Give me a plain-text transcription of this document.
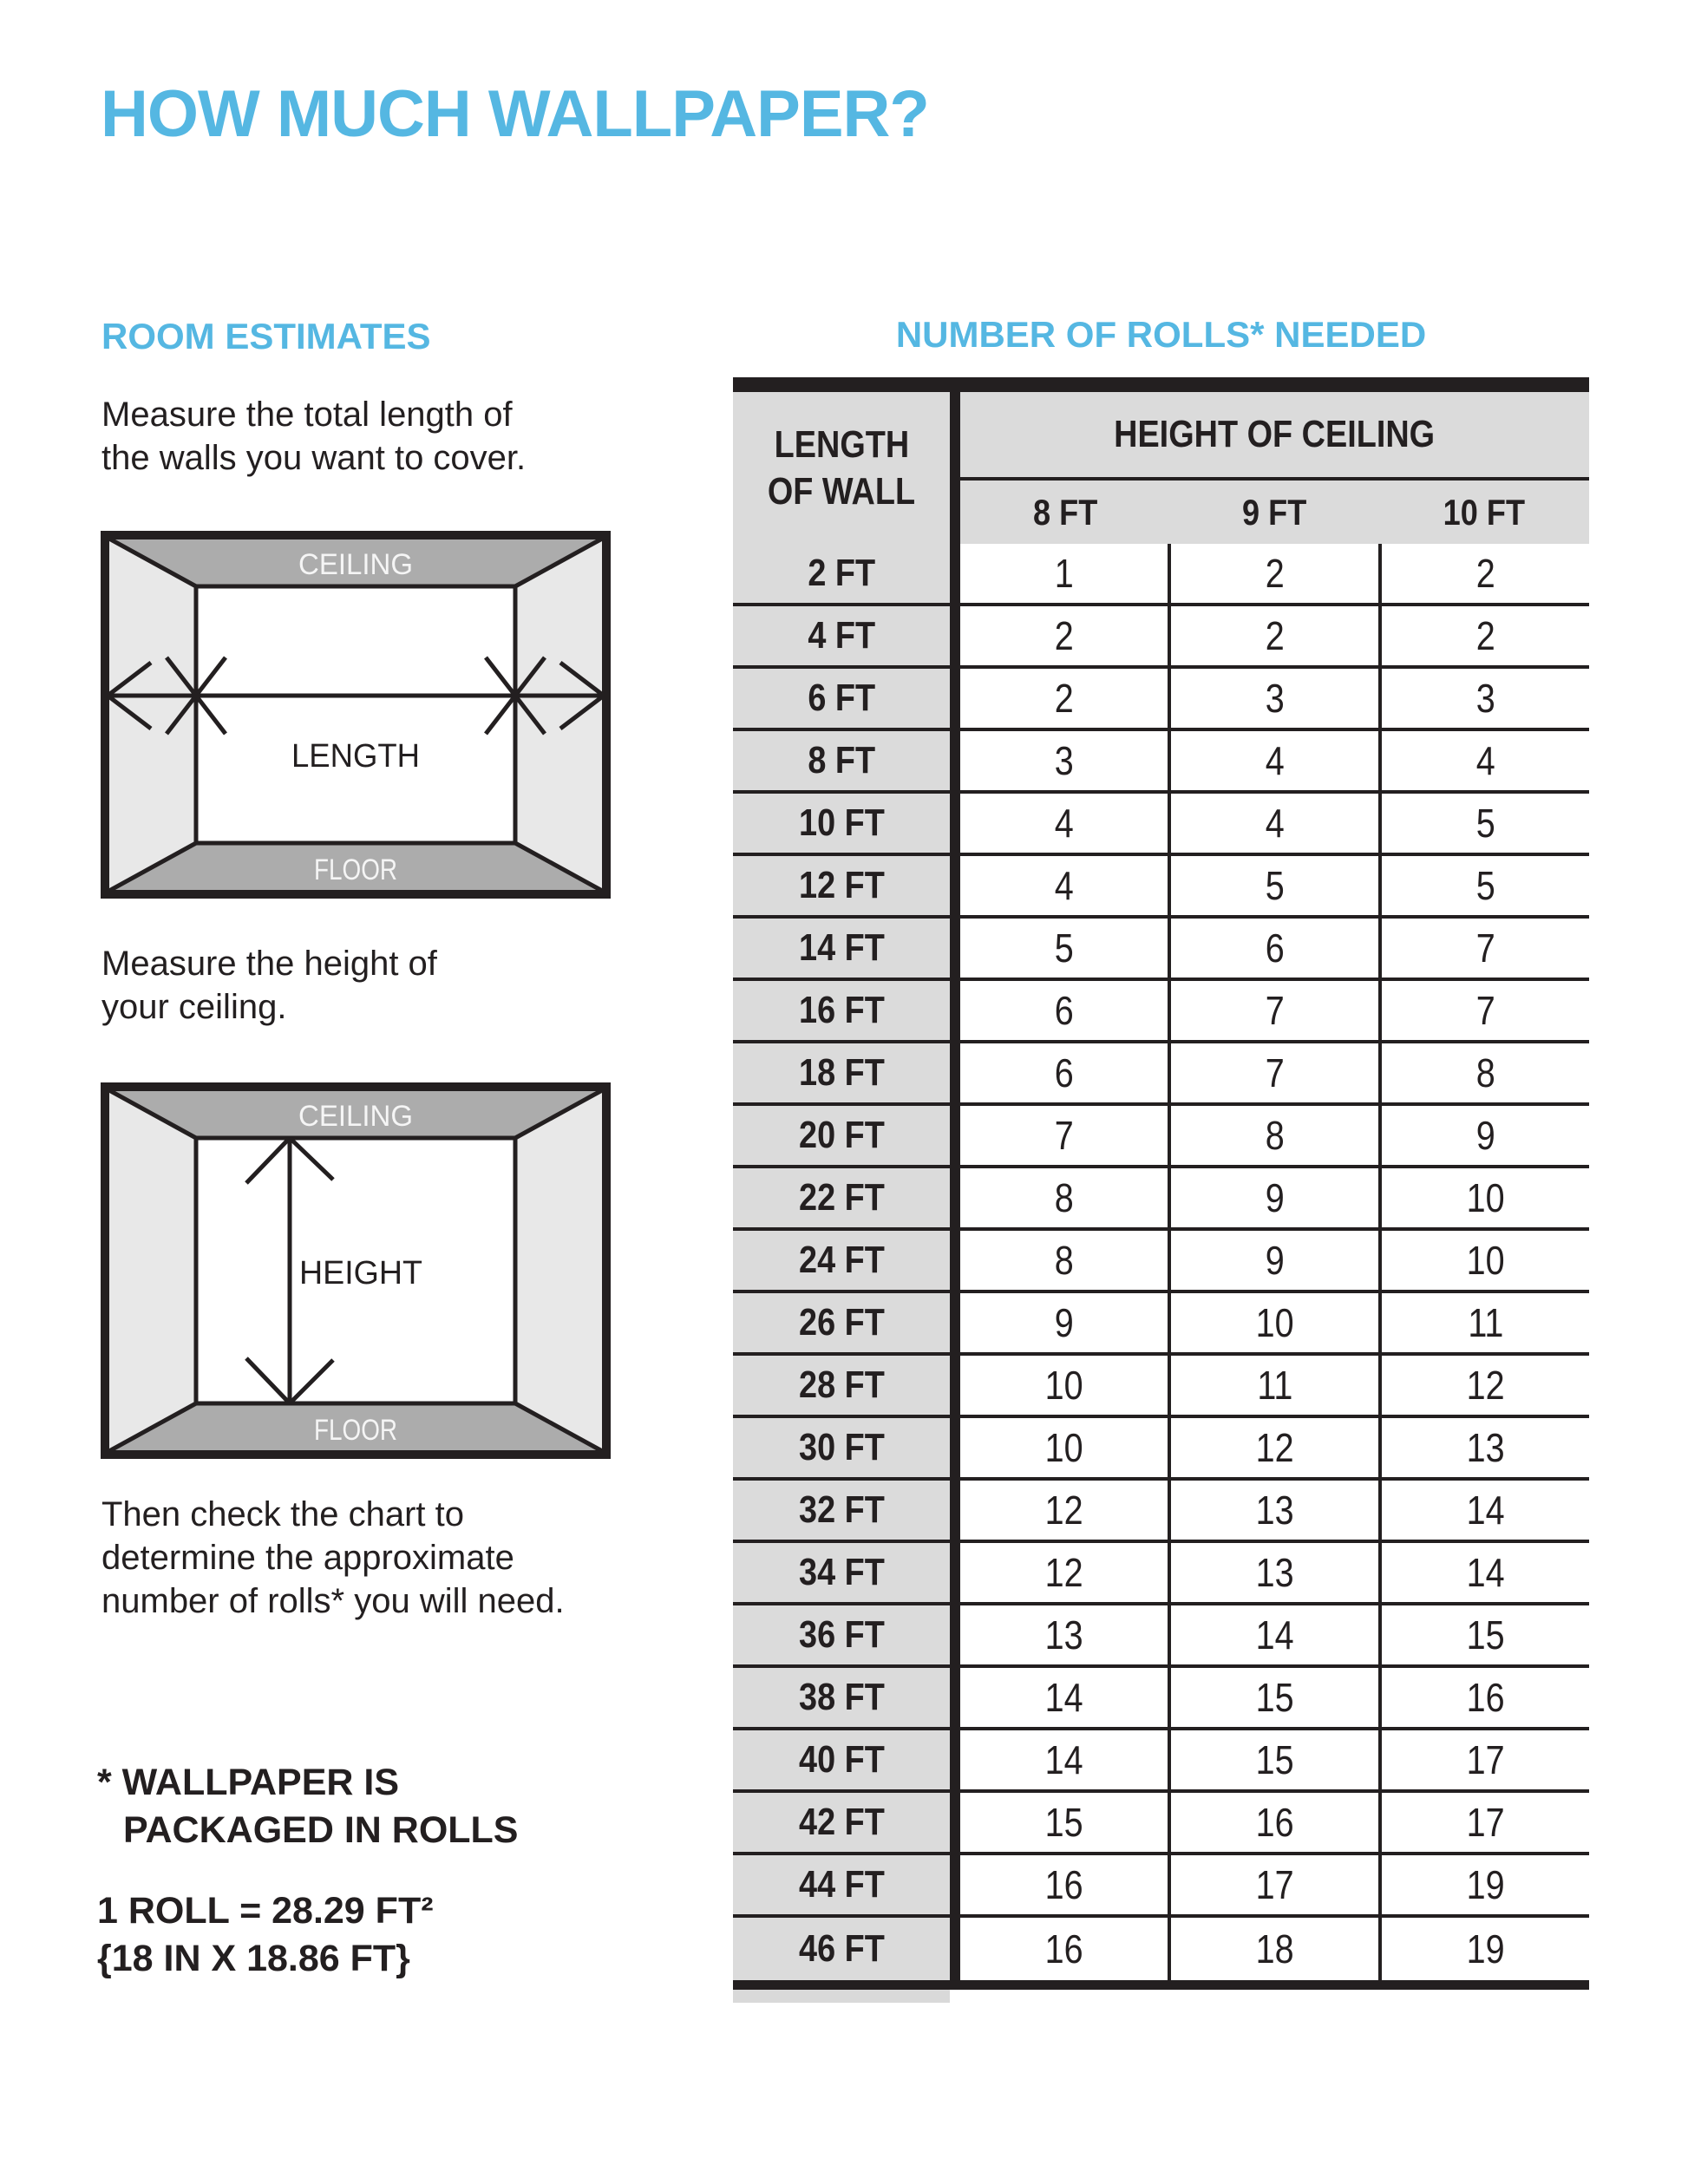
HOW MUCH WALLPAPER?
ROOM ESTIMATES
Measure the total length of
the walls you want to cover.
CEILING
FLOOR
LENGTH
Measure the height of
your ceiling.
CEILING
FLOOR
HEIGHT
Then check the chart to
determine the approximate
number of rolls* you will need.
* WALLPAPER IS
PACKAGED IN ROLLS
1 ROLL = 28.29 FT²
{18 IN X 18.86 FT}
NUMBER OF ROLLS* NEEDED
LENGTH
OF WALL
HEIGHT OF CEILING
8 FT	9 FT	10 FT
2 FT	1	2	2
4 FT	2	2	2
6 FT	2	3	3
8 FT	3	4	4
10 FT	4	4	5
12 FT	4	5	5
14 FT	5	6	7
16 FT	6	7	7
18 FT	6	7	8
20 FT	7	8	9
22 FT	8	9	10
24 FT	8	9	10
26 FT	9	10	11
28 FT	10	11	12
30 FT	10	12	13
32 FT	12	13	14
34 FT	12	13	14
36 FT	13	14	15
38 FT	14	15	16
40 FT	14	15	17
42 FT	15	16	17
44 FT	16	17	19
46 FT	16	18	19
